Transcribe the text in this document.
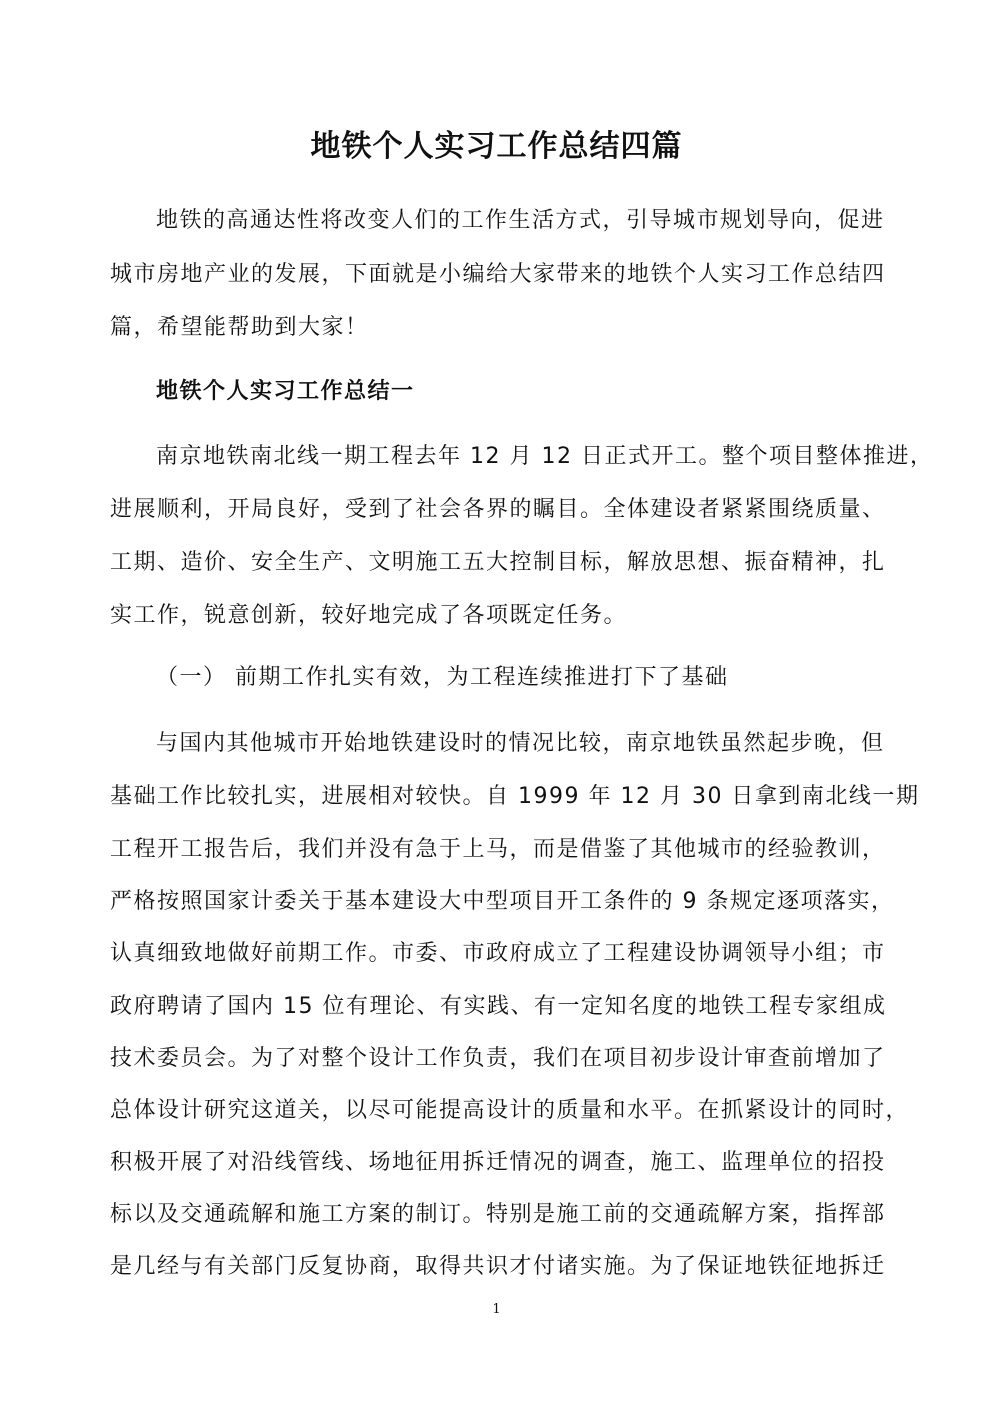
地铁个人实习工作总结四篇
地铁的高通达性将改变人们的工作生活方式，引导城市规划导向，促进
城市房地产业的发展，下面就是小编给大家带来的地铁个人实习工作总结四
篇，希望能帮助到大家！
地铁个人实习工作总结一
南京地铁南北线一期工程去年 12 月 12 日正式开工。整个项目整体推进，
进展顺利，开局良好，受到了社会各界的瞩目。全体建设者紧紧围绕质量、
工期、造价、安全生产、文明施工五大控制目标，解放思想、振奋精神，扎
实工作，锐意创新，较好地完成了各项既定任务。
（一） 前期工作扎实有效，为工程连续推进打下了基础
与国内其他城市开始地铁建设时的情况比较，南京地铁虽然起步晚，但
基础工作比较扎实，进展相对较快。自 1999 年 12 月 30 日拿到南北线一期
工程开工报告后，我们并没有急于上马，而是借鉴了其他城市的经验教训，
严格按照国家计委关于基本建设大中型项目开工条件的 9 条规定逐项落实，
认真细致地做好前期工作。市委、市政府成立了工程建设协调领导小组；市
政府聘请了国内 15 位有理论、有实践、有一定知名度的地铁工程专家组成
技术委员会。为了对整个设计工作负责，我们在项目初步设计审查前增加了
总体设计研究这道关，以尽可能提高设计的质量和水平。在抓紧设计的同时，
积极开展了对沿线管线、场地征用拆迁情况的调查，施工、监理单位的招投
标以及交通疏解和施工方案的制订。特别是施工前的交通疏解方案，指挥部
是几经与有关部门反复协商，取得共识才付诸实施。为了保证地铁征地拆迁
1
